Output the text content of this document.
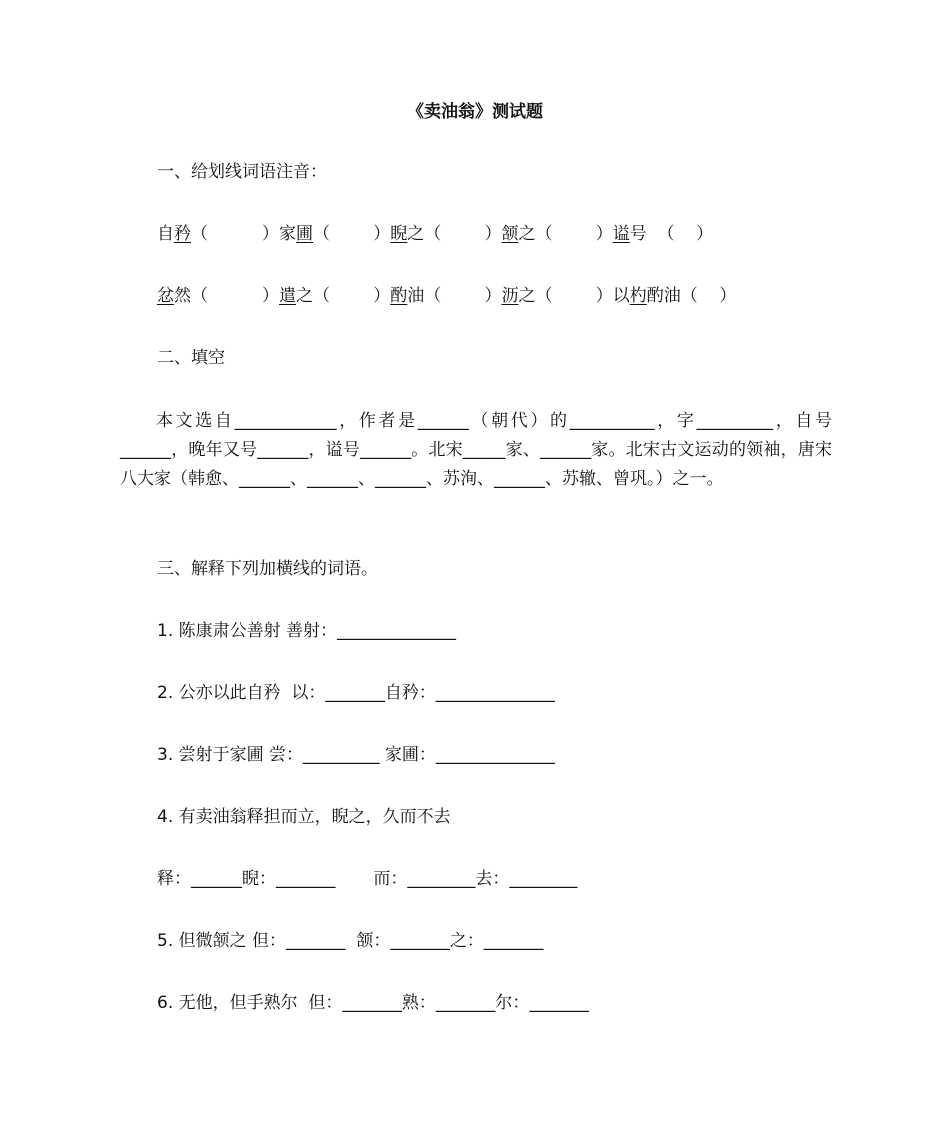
《卖油翁》测试题
一、给划线词语注音：
自矜（          ）家圃（        ）睨之（        ）颔之（        ）谥号  （    ）
忿然（          ）遣之（        ）酌油（        ）沥之（        ）以杓酌油（    ）
二、填空
本文选自____________，作者是______（朝代）的__________，字_________，自号______，晚年又号______，谥号______。北宋_____家、______家。北宋古文运动的领袖，唐宋八大家（韩愈、______、______、______、苏洵、______、苏辙、曾巩。）之一。
三、解释下列加横线的词语。
1. 陈康肃公善射 善射：______________
2. 公亦以此自矜  以：_______自矜：______________
3. 尝射于家圃 尝：_________ 家圃：______________
4. 有卖油翁释担而立，睨之，久而不去
释：______睨：_______       而：________去：________
5. 但微颔之 但：_______  颔：_______之：_______
6. 无他，但手熟尔  但：_______熟：_______尔：_______
